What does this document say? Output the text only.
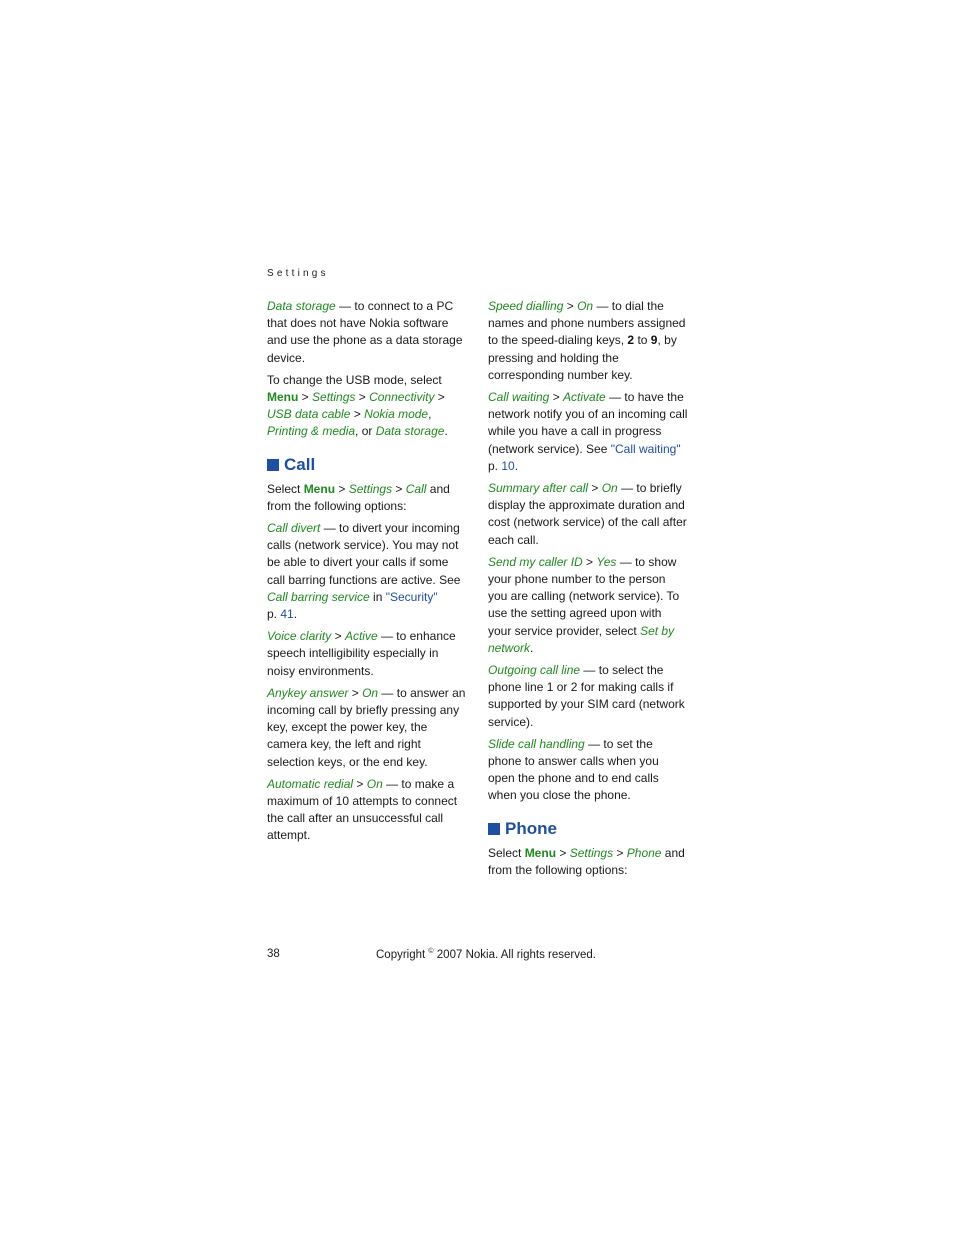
Settings

Data storage — to connect to a PC that does not have Nokia software and use the phone as a data storage device.

To change the USB mode, select Menu > Settings > Connectivity > USB data cable > Nokia mode, Printing & media, or Data storage.

Call

Select Menu > Settings > Call and from the following options:

Call divert — to divert your incoming calls (network service). You may not be able to divert your calls if some call barring functions are active. See Call barring service in "Security"
p. 41.

Voice clarity > Active — to enhance speech intelligibility especially in noisy environments.

Anykey answer > On — to answer an incoming call by briefly pressing any key, except the power key, the camera key, the left and right selection keys, or the end key.

Automatic redial > On — to make a maximum of 10 attempts to connect the call after an unsuccessful call attempt.

Speed dialling > On — to dial the names and phone numbers assigned to the speed-dialing keys, 2 to 9, by pressing and holding the corresponding number key.

Call waiting > Activate — to have the network notify you of an incoming call while you have a call in progress (network service). See "Call waiting" p. 10.

Summary after call > On — to briefly display the approximate duration and cost (network service) of the call after each call.

Send my caller ID > Yes — to show your phone number to the person you are calling (network service). To use the setting agreed upon with your service provider, select Set by network.

Outgoing call line — to select the phone line 1 or 2 for making calls if supported by your SIM card (network service).

Slide call handling — to set the phone to answer calls when you open the phone and to end calls when you close the phone.

Phone

Select Menu > Settings > Phone and from the following options:

38	Copyright © 2007 Nokia. All rights reserved.
